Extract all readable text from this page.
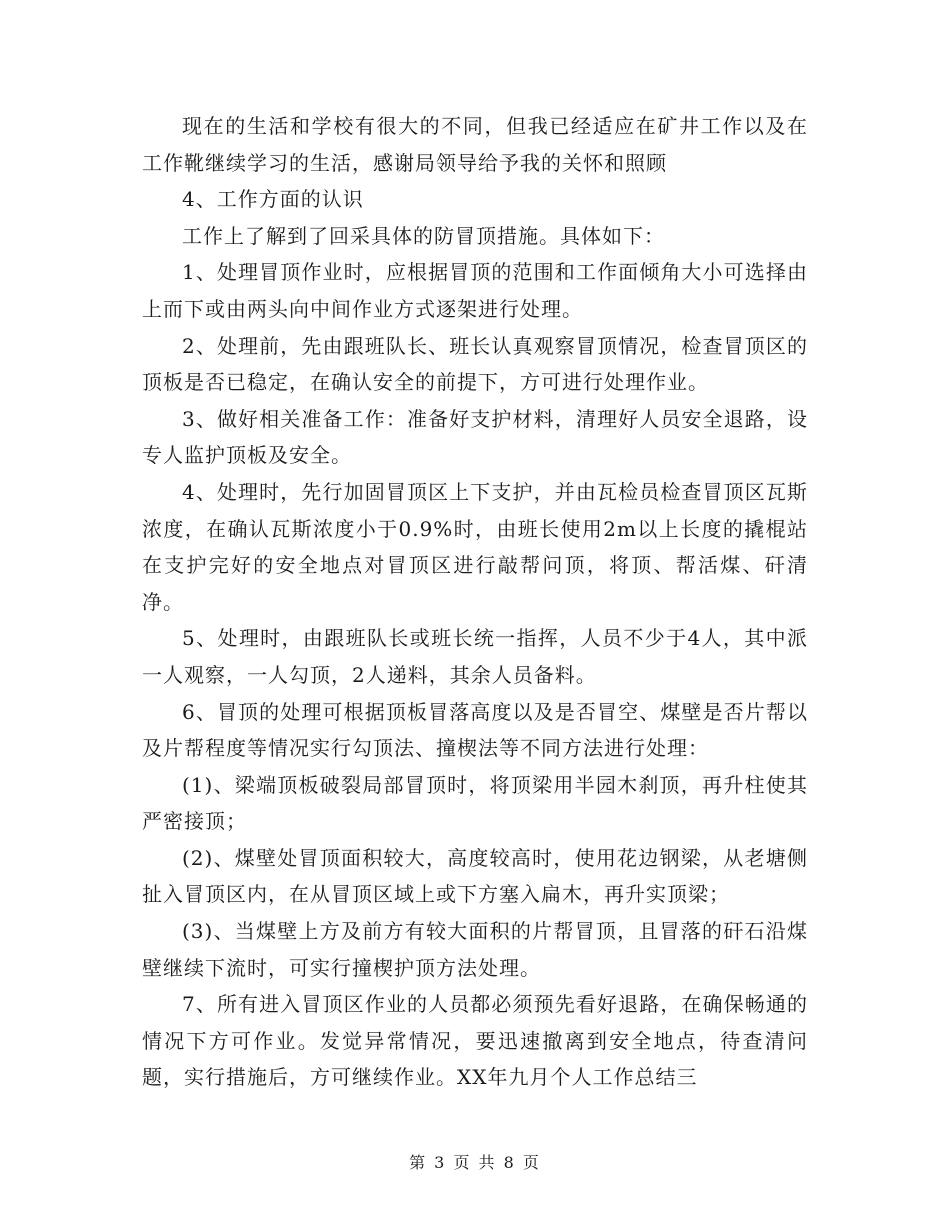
现在的生活和学校有很大的不同，但我已经适应在矿井工作以及在工作靴继续学习的生活，感谢局领导给予我的关怀和照顾

4、工作方面的认识

工作上了解到了回采具体的防冒顶措施。具体如下：

1、处理冒顶作业时，应根据冒顶的范围和工作面倾角大小可选择由上而下或由两头向中间作业方式逐架进行处理。

2、处理前，先由跟班队长、班长认真观察冒顶情况，检查冒顶区的顶板是否已稳定，在确认安全的前提下，方可进行处理作业。

3、做好相关准备工作：准备好支护材料，清理好人员安全退路，设专人监护顶板及安全。

4、处理时，先行加固冒顶区上下支护，并由瓦检员检查冒顶区瓦斯浓度，在确认瓦斯浓度小于0.9%时，由班长使用2m以上长度的撬棍站在支护完好的安全地点对冒顶区进行敲帮问顶，将顶、帮活煤、矸清净。

5、处理时，由跟班队长或班长统一指挥，人员不少于4人，其中派一人观察，一人勾顶，2人递料，其余人员备料。

6、冒顶的处理可根据顶板冒落高度以及是否冒空、煤壁是否片帮以及片帮程度等情况实行勾顶法、撞楔法等不同方法进行处理：

(1)、梁端顶板破裂局部冒顶时，将顶梁用半园木刹顶，再升柱使其严密接顶；

(2)、煤壁处冒顶面积较大，高度较高时，使用花边钢梁，从老塘侧扯入冒顶区内，在从冒顶区域上或下方塞入扁木，再升实顶梁；

(3)、当煤壁上方及前方有较大面积的片帮冒顶，且冒落的矸石沿煤壁继续下流时，可实行撞楔护顶方法处理。

7、所有进入冒顶区作业的人员都必须预先看好退路，在确保畅通的情况下方可作业。发觉异常情况，要迅速撤离到安全地点，待查清问题，实行措施后，方可继续作业。XX年九月个人工作总结三

第 3 页 共 8 页
